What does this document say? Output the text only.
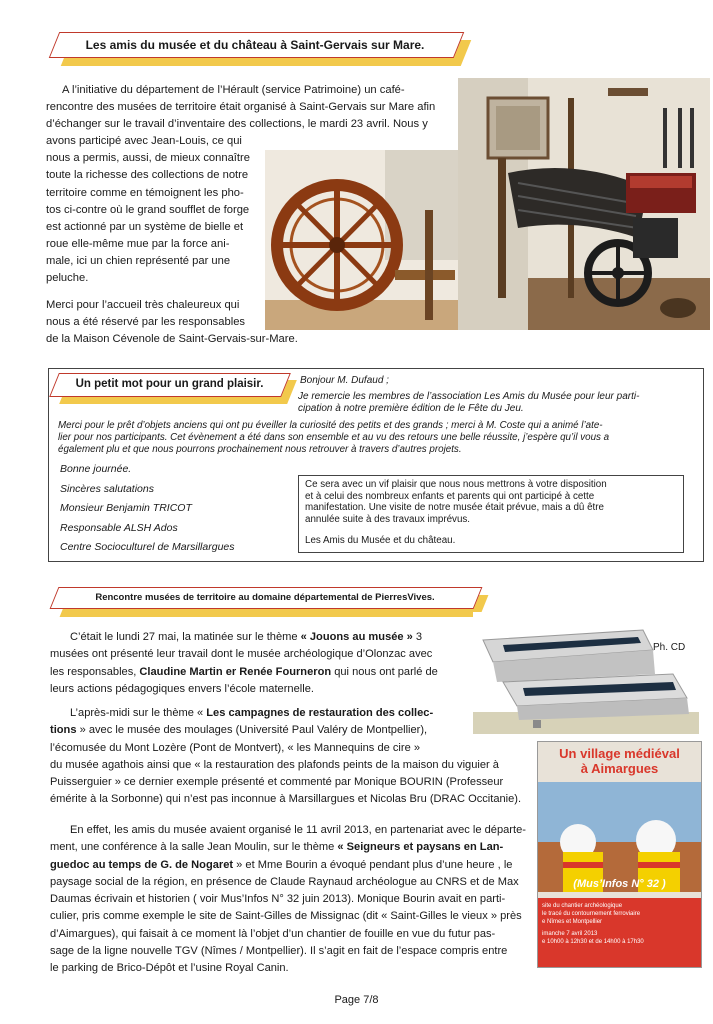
Les amis du musée et du château à Saint-Gervais sur Mare.
A l’initiative du département de l’Hérault (service Patrimoine) un café-
rencontre des musées de territoire était organisé à Saint-Gervais sur Mare afin
d’échanger sur le travail d’inventaire des collections, le mardi 23 avril. Nous y
avons participé avec Jean-Louis, ce qui
nous a permis, aussi, de mieux connaître
toute la richesse des collections de notre
territoire comme en témoignent les pho-
tos ci-contre où le grand soufflet de forge
est actionné par un système de bielle et
roue elle-même mue par la force ani-
male, ici un chien représenté par une
peluche.
Merci pour l’accueil très chaleureux qui
nous a été réservé par les responsables
de la Maison Cévenole de Saint-Gervais-sur-Mare.
Un petit mot pour un grand plaisir.	Bonjour M. Dufaud ;
Je remercie les membres de l’association Les Amis du Musée pour leur parti-
cipation à notre première édition de le Fête du Jeu.
Merci pour le prêt d’objets anciens qui ont pu éveiller la curiosité des petits et des grands ; merci à M. Coste qui a animé l’ate-
lier pour nos participants. Cet évènement a été dans son ensemble et au vu des retours une belle réussite, j’espère qu’il vous a
également plu et que nous pourrons prochainement nous retrouver à travers d’autres projets.
Bonne journée.
Sincères salutations
Monsieur Benjamin TRICOT
Responsable ALSH Ados
Centre Socioculturel de Marsillargues
Ce sera avec un vif plaisir que nous nous mettrons à votre disposition
et à celui des nombreux enfants et parents qui ont participé à cette
manifestation. Une visite de notre musée était prévue, mais a dû être
annulée suite à des travaux imprévus.
Les Amis du Musée et du château.
Rencontre musées de territoire au domaine départemental de PierresVives.
Ph. CD
Un village médiéval
à Aimargues
(Mus’Infos N° 32 )
site du chantier archéologique
le tracé du contournement ferroviaire
e Nîmes et Montpellier
imanche 7 avril 2013
e 10h00 à 12h30 et de 14h00 à 17h30
C’était le lundi 27 mai, la matinée sur le thème « Jouons au musée » 3
musées ont présenté leur travail dont le musée archéologique d’Olonzac avec
les responsables, Claudine Martin er Renée Fourneron qui nous ont parlé de
leurs actions pédagogiques envers l’école maternelle.
L’après-midi sur le thème « Les campagnes de restauration des collec-
tions » avec le musée des moulages (Université Paul Valéry de Montpellier),
l’écomusée du Mont Lozère (Pont de Montvert), « les Mannequins de cire »
du musée agathois ainsi que « la restauration des plafonds peints de la maison du viguier à
Puisserguier » ce dernier exemple présenté et commenté par Monique BOURIN (Professeur
émérite à la Sorbonne) qui n’est pas inconnue à Marsillargues et Nicolas Bru (DRAC Occitanie).
En effet, les amis du musée avaient organisé le 11 avril 2013, en partenariat avec le départe-
ment, une conférence à la salle Jean Moulin, sur le thème « Seigneurs et paysans en Lan-
guedoc au temps de G. de Nogaret » et Mme Bourin a évoqué pendant plus d’une heure , le
paysage social de la région, en présence de Claude Raynaud archéologue au CNRS et de Max
Daumas écrivain et historien ( voir Mus’Infos N° 32 juin 2013). Monique Bourin avait en parti-
culier, pris comme exemple le site de Saint-Gilles de Missignac (dit « Saint-Gilles le vieux » près
d’Aimargues), qui faisait à ce moment là l’objet d’un chantier de fouille en vue du futur pas-
sage de la ligne nouvelle TGV (Nîmes / Montpellier). Il s’agit en fait de l’espace compris entre
le parking de Brico-Dépôt et l’usine Royal Canin.
Page 7/8
